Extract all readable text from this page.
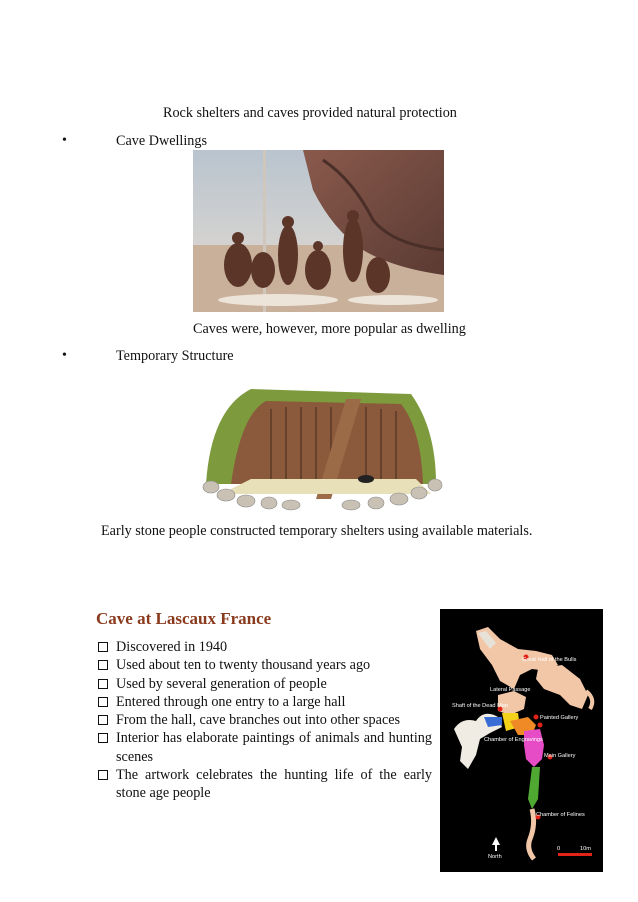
Rock shelters and caves provided natural protection
•	Cave Dwellings
Caves were, however, more popular as dwelling
•	Temporary Structure
Early stone people constructed temporary shelters using available materials.
Cave at Lascaux France
Discovered in 1940
Used about ten to twenty thousand years ago
Used by several generation of people
Entered through one entry to a large hall
From the hall, cave branches out into other spaces
Interior has elaborate paintings of animals and hunting scenes
The artwork celebrates the hunting life of the early stone age people
Great Hall of the Bulls
Lateral Passage
Shaft of the Dead Man
Painted Gallery
Chamber of Engravings
Main Gallery
Chamber of Felines
North
0	10m
